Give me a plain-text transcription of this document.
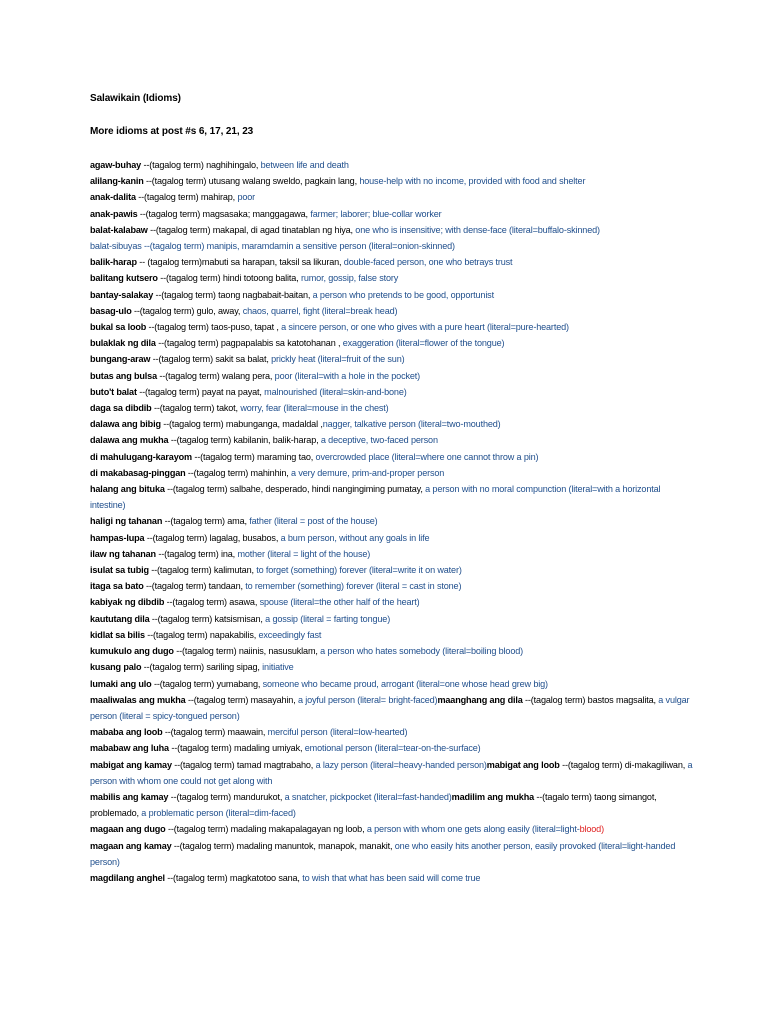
Salawikain (Idioms)
More idioms at post #s 6, 17, 21, 23
agaw-buhay --(tagalog term) naghihingalo, between life and death
alilang-kanin --(tagalog term) utusang walang sweldo, pagkain lang, house-help with no income, provided with food and shelter
anak-dalita --(tagalog term) mahirap, poor
anak-pawis --(tagalog term) magsasaka; manggagawa, farmer; laborer; blue-collar worker
balat-kalabaw --(tagalog term) makapal, di agad tinatablan ng hiya, one who is insensitive; with dense-face (literal=buffalo-skinned)
balat-sibuyas --(tagalog term) manipis, maramdamin a sensitive person (literal=onion-skinned)
balik-harap -- (tagalog term)mabuti sa harapan, taksil sa likuran, double-faced person, one who betrays trust
balitang kutsero --(tagalog term) hindi totoong balita, rumor, gossip, false story
bantay-salakay --(tagalog term) taong nagbabait-baitan, a person who pretends to be good, opportunist
basag-ulo --(tagalog term) gulo, away, chaos, quarrel, fight (literal=break head)
bukal sa loob --(tagalog term) taos-puso, tapat , a sincere person, or one who gives with a pure heart (literal=pure-hearted)
bulaklak ng dila --(tagalog term) pagpapalabis sa katotohanan , exaggeration (literal=flower of the tongue)
bungang-araw --(tagalog term) sakit sa balat, prickly heat (literal=fruit of the sun)
butas ang bulsa --(tagalog term) walang pera, poor (literal=with a hole in the pocket)
buto't balat --(tagalog term) payat na payat, malnourished (literal=skin-and-bone)
daga sa dibdib --(tagalog term) takot, worry, fear (literal=mouse in the chest)
dalawa ang bibig --(tagalog term) mabunganga, madaldal ,nagger, talkative person (literal=two-mouthed)
dalawa ang mukha --(tagalog term) kabilanin, balik-harap, a deceptive, two-faced person
di mahulugang-karayom --(tagalog term) maraming tao, overcrowded place (literal=where one cannot throw a pin)
di makabasag-pinggan --(tagalog term) mahinhin, a very demure, prim-and-proper person
halang ang bituka --(tagalog term) salbahe, desperado, hindi nangingiming pumatay, a person with no moral compunction (literal=with a horizontal intestine)
haligi ng tahanan --(tagalog term) ama, father (literal = post of the house)
hampas-lupa --(tagalog term) lagalag, busabos, a bum person, without any goals in life
ilaw ng tahanan --(tagalog term) ina, mother (literal = light of the house)
isulat sa tubig --(tagalog term) kalimutan, to forget (something) forever (literal=write it on water)
itaga sa bato --(tagalog term) tandaan, to remember (something) forever (literal = cast in stone)
kabiyak ng dibdib --(tagalog term) asawa, spouse (literal=the other half of the heart)
kaututang dila --(tagalog term) katsismisan, a gossip (literal = farting tongue)
kidlat sa bilis --(tagalog term) napakabilis, exceedingly fast
kumukulo ang dugo --(tagalog term) naiinis, nasusuklam, a person who hates somebody (literal=boiling blood)
kusang palo --(tagalog term) sariling sipag, initiative
lumaki ang ulo --(tagalog term) yumabang, someone who became proud, arrogant (literal=one whose head grew big)
maaliwalas ang mukha --(tagalog term) masayahin, a joyful person (literal= bright-faced)maanghang ang dila --(tagalog term) bastos magsalita, a vulgar person (literal = spicy-tongued person)
mababa ang loob --(tagalog term) maawain, merciful person (literal=low-hearted)
mababaw ang luha --(tagalog term) madaling umiyak, emotional person (literal=tear-on-the-surface)
mabigat ang kamay --(tagalog term) tamad magtrabaho, a lazy person (literal=heavy-handed person)mabigat ang loob --(tagalog term) di-makagiliwan, a person with whom one could not get along with
mabilis ang kamay --(tagalog term) mandurukot, a snatcher, pickpocket (literal=fast-handed)madilim ang mukha --(tagalo term) taong simangot, problemado, a problematic person (literal=dim-faced)
magaan ang dugo --(tagalog term) madaling makapalagayan ng loob, a person with whom one gets along easily (literal=light-blood)
magaan ang kamay --(tagalog term) madaling manuntok, manapok, manakit, one who easily hits another person, easily provoked (literal=light-handed person)
magdilang anghel --(tagalog term) magkatotoo sana, to wish that what has been said will come true
